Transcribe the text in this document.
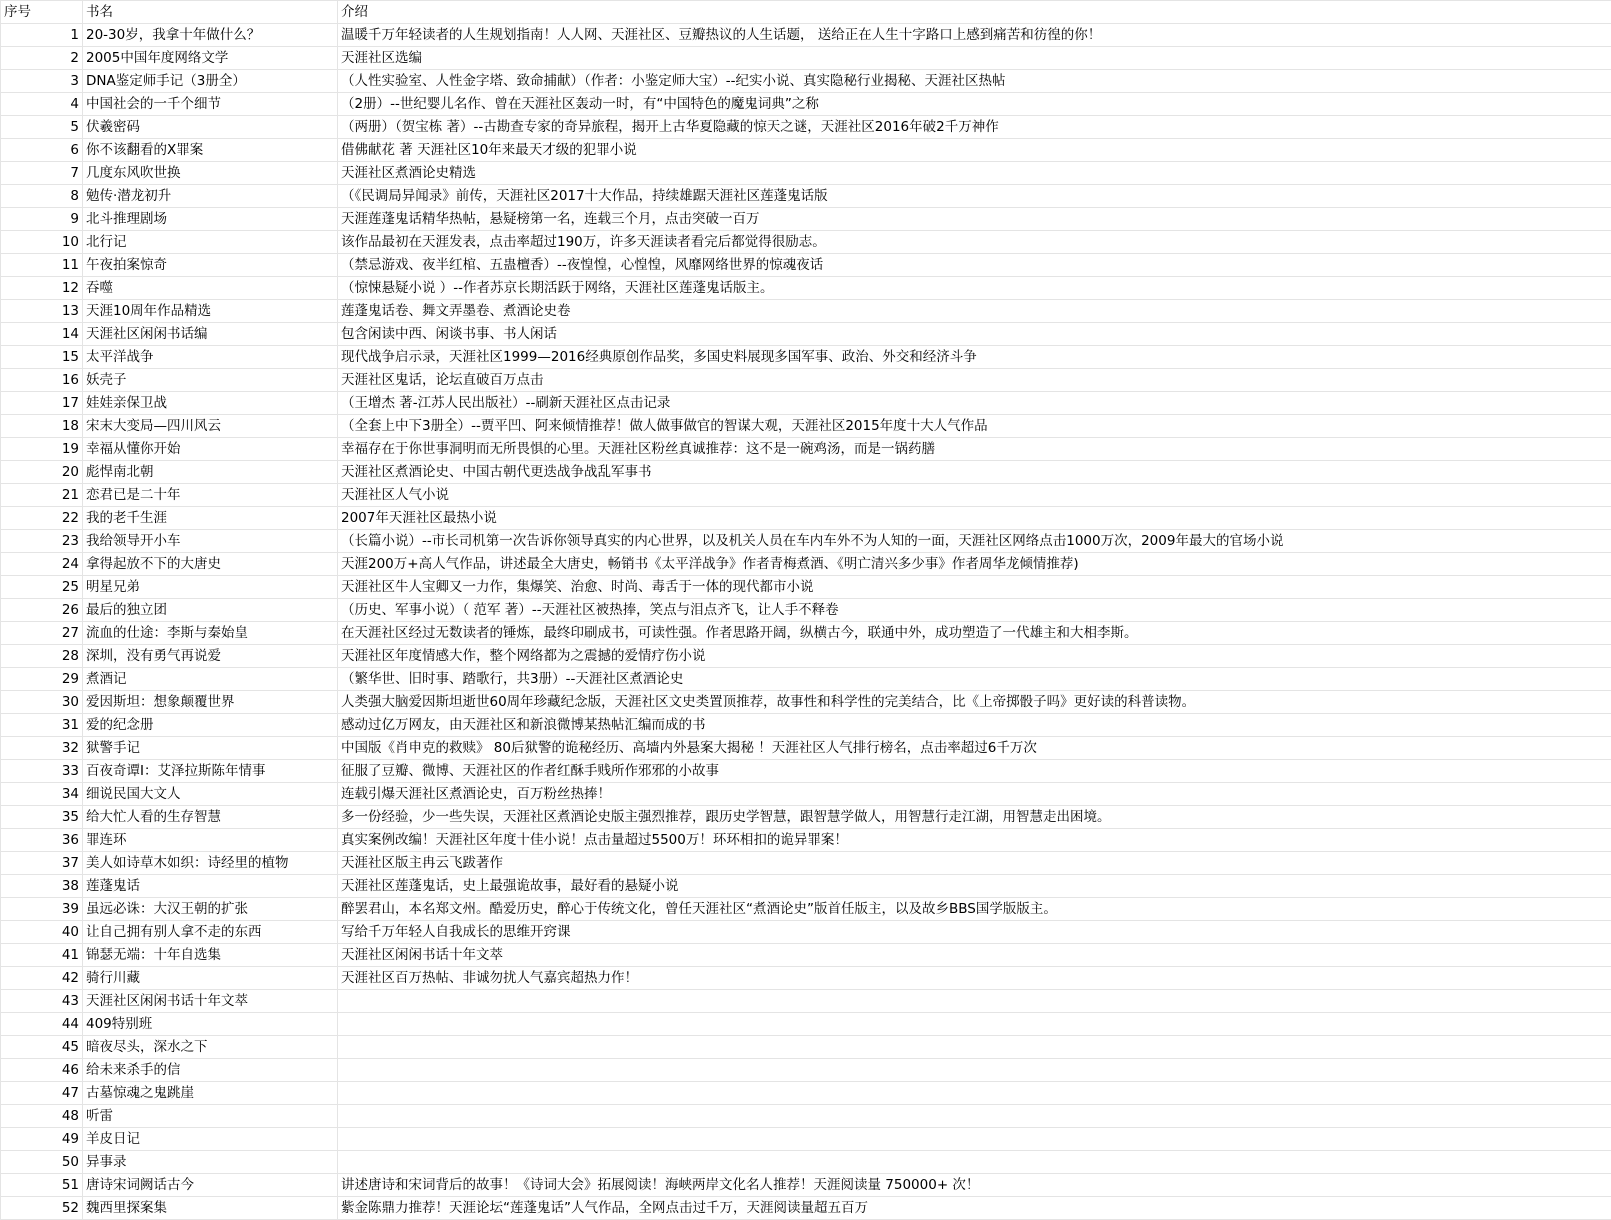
序号	书名	介绍
1	20-30岁，我拿十年做什么？	温暖千万年轻读者的人生规划指南！人人网、天涯社区、豆瓣热议的人生话题， 送给正在人生十字路口上感到痛苦和彷徨的你！
2	2005中国年度网络文学	天涯社区选编
3	DNA鉴定师手记（3册全）	（人性实验室、人性金字塔、致命捕献）（作者：小鉴定师大宝）--纪实小说、真实隐秘行业揭秘、天涯社区热帖
4	中国社会的一千个细节	（2册）--世纪婴儿名作、曾在天涯社区轰动一时，有“中国特色的魔鬼词典”之称
5	伏羲密码	（两册）（贺宝栋 著）--古勘查专家的奇异旅程，揭开上古华夏隐藏的惊天之谜，天涯社区2016年破2千万神作
6	你不该翻看的X罪案	借佛献花 著 天涯社区10年来最天才级的犯罪小说
7	几度东风吹世换	天涯社区煮酒论史精选
8	勉传·潜龙初升	（《民调局异闻录》前传，天涯社区2017十大作品，持续雄踞天涯社区莲蓬鬼话版
9	北斗推理剧场	天涯莲蓬鬼话精华热帖，悬疑榜第一名，连载三个月，点击突破一百万
10	北行记	该作品最初在天涯发表，点击率超过190万，许多天涯读者看完后都觉得很励志。
11	午夜拍案惊奇	（禁忌游戏、夜半红棺、五蛊檀香）--夜惶惶，心惶惶，风靡网络世界的惊魂夜话
12	吞噬	（惊悚悬疑小说 ）--作者苏京长期活跃于网络，天涯社区莲蓬鬼话版主。
13	天涯10周年作品精选	莲蓬鬼话卷、舞文弄墨卷、煮酒论史卷
14	天涯社区闲闲书话编	包含闲读中西、闲谈书事、书人闲话
15	太平洋战争	现代战争启示录，天涯社区1999—2016经典原创作品奖，多国史料展现多国军事、政治、外交和经济斗争
16	妖壳子	天涯社区鬼话，论坛直破百万点击
17	娃娃亲保卫战	（王增杰 著-江苏人民出版社）--刷新天涯社区点击记录
18	宋末大变局—四川风云	（全套上中下3册全）--贾平凹、阿来倾情推荐！做人做事做官的智谋大观，天涯社区2015年度十大人气作品
19	幸福从懂你开始	幸福存在于你世事洞明而无所畏惧的心里。天涯社区粉丝真诚推荐：这不是一碗鸡汤，而是一锅药膳
20	彪悍南北朝	天涯社区煮酒论史、中国古朝代更迭战争战乱军事书
21	恋君已是二十年	天涯社区人气小说
22	我的老千生涯	2007年天涯社区最热小说
23	我给领导开小车	（长篇小说）--市长司机第一次告诉你领导真实的内心世界，以及机关人员在车内车外不为人知的一面，天涯社区网络点击1000万次，2009年最大的官场小说
24	拿得起放不下的大唐史	天涯200万+高人气作品，讲述最全大唐史，畅销书《太平洋战争》作者青梅煮酒、《明亡清兴多少事》作者周华龙倾情推荐)
25	明星兄弟	天涯社区牛人宝卿又一力作，集爆笑、治愈、时尚、毒舌于一体的现代都市小说
26	最后的独立团	（历史、军事小说）（ 范军 著）--天涯社区被热捧，笑点与泪点齐飞，让人手不释卷
27	流血的仕途：李斯与秦始皇	在天涯社区经过无数读者的锤炼，最终印刷成书，可读性强。作者思路开阔，纵横古今，联通中外，成功塑造了一代雄主和大相李斯。
28	深圳，没有勇气再说爱	天涯社区年度情感大作，整个网络都为之震撼的爱情疗伤小说
29	煮酒记	（繁华世、旧时事、踏歌行，共3册）--天涯社区煮酒论史
30	爱因斯坦：想象颠覆世界	人类强大脑爱因斯坦逝世60周年珍藏纪念版，天涯社区文史类置顶推荐，故事性和科学性的完美结合，比《上帝掷骰子吗》更好读的科普读物。
31	爱的纪念册	感动过亿万网友，由天涯社区和新浪微博某热帖汇编而成的书
32	狱警手记	中国版《肖申克的救赎》 80后狱警的诡秘经历、高墙内外悬案大揭秘 ！天涯社区人气排行榜名，点击率超过6千万次
33	百夜奇谭Ⅰ：艾泽拉斯陈年情事	征服了豆瓣、微博、天涯社区的作者红酥手贱所作邪邪的小故事
34	细说民国大文人	连载引爆天涯社区煮酒论史，百万粉丝热捧！
35	给大忙人看的生存智慧	多一份经验，少一些失误，天涯社区煮酒论史版主强烈推荐，跟历史学智慧，跟智慧学做人，用智慧行走江湖，用智慧走出困境。
36	罪连环	真实案例改编！天涯社区年度十佳小说！点击量超过5500万！环环相扣的诡异罪案！
37	美人如诗草木如织：诗经里的植物	天涯社区版主冉云飞跋著作
38	莲蓬鬼话	天涯社区莲蓬鬼话，史上最强诡故事，最好看的悬疑小说
39	虽远必诛：大汉王朝的扩张	醉罢君山，本名郑文州。酷爱历史，醉心于传统文化，曾任天涯社区“煮酒论史”版首任版主，以及故乡BBS国学版版主。
40	让自己拥有别人拿不走的东西	写给千万年轻人自我成长的思维开窍课
41	锦瑟无端：十年自选集	天涯社区闲闲书话十年文萃
42	骑行川藏	天涯社区百万热帖、非诚勿扰人气嘉宾超热力作！
43	天涯社区闲闲书话十年文萃	
44	409特别班	
45	暗夜尽头，深水之下	
46	给未来杀手的信	
47	古墓惊魂之鬼跳崖	
48	听雷	
49	羊皮日记	
50	异事录	
51	唐诗宋词阙话古今	讲述唐诗和宋词背后的故事！《诗词大会》拓展阅读！海峡两岸文化名人推荐！天涯阅读量 750000+ 次！
52	魏西里探案集	紫金陈鼎力推荐！天涯论坛“莲蓬鬼话”人气作品，全网点击过千万，天涯阅读量超五百万
